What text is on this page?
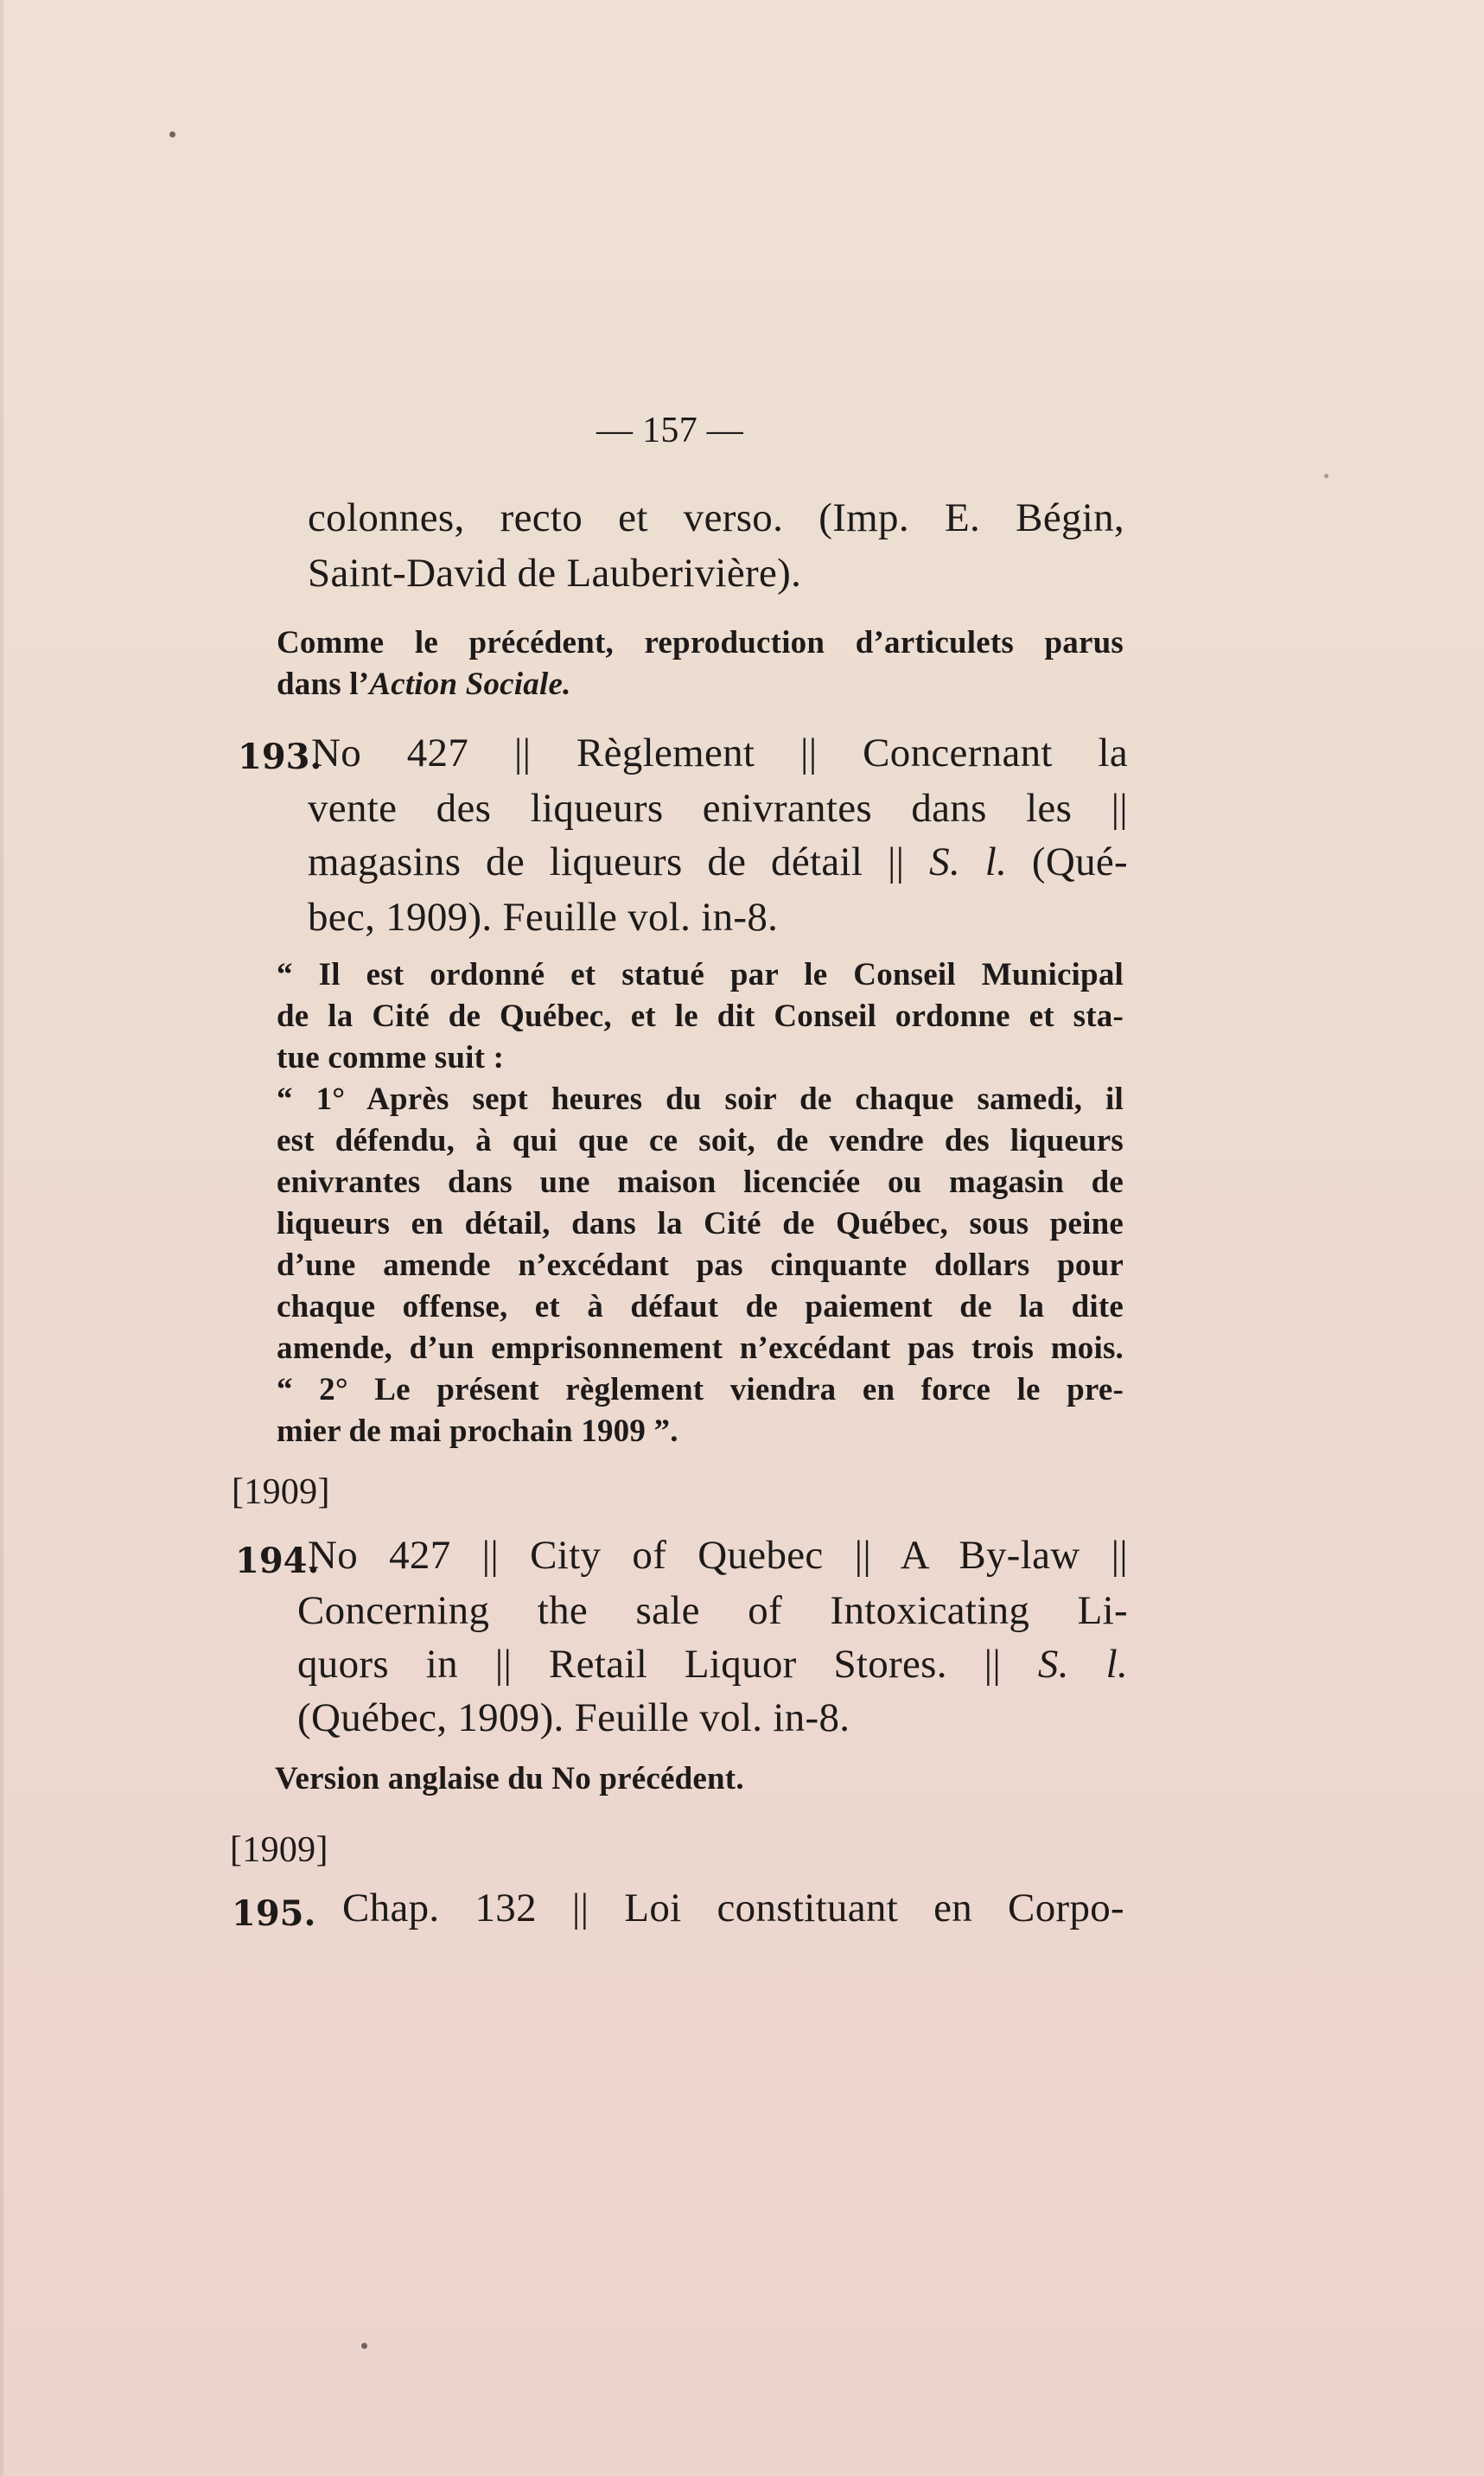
— 157 —
colonnes, recto et verso. (Imp. E. Bégin,
Saint-David de Lauberivière).
Comme le précédent, reproduction d’articulets parus
dans l’Action Sociale.
193.
No 427 || Règlement || Concernant la
vente des liqueurs enivrantes dans les ||
magasins de liqueurs de détail || S. l. (Qué-
bec, 1909). Feuille vol. in-8.
“ Il est ordonné et statué par le Conseil Municipal
de la Cité de Québec, et le dit Conseil ordonne et sta-
tue comme suit :
“ 1° Après sept heures du soir de chaque samedi, il
est défendu, à qui que ce soit, de vendre des liqueurs
enivrantes dans une maison licenciée ou magasin de
liqueurs en détail, dans la Cité de Québec, sous peine
d’une amende n’excédant pas cinquante dollars pour
chaque offense, et à défaut de paiement de la dite
amende, d’un emprisonnement n’excédant pas trois mois.
“ 2° Le présent règlement viendra en force le pre-
mier de mai prochain 1909 ”.
[1909]
194.
No 427 || City of Quebec || A By-law ||
Concerning the sale of Intoxicating Li-
quors in || Retail Liquor Stores. || S. l.
(Québec, 1909). Feuille vol. in-8.
Version anglaise du No précédent.
[1909]
195. Chap. 132 || Loi constituant en Corpo-
